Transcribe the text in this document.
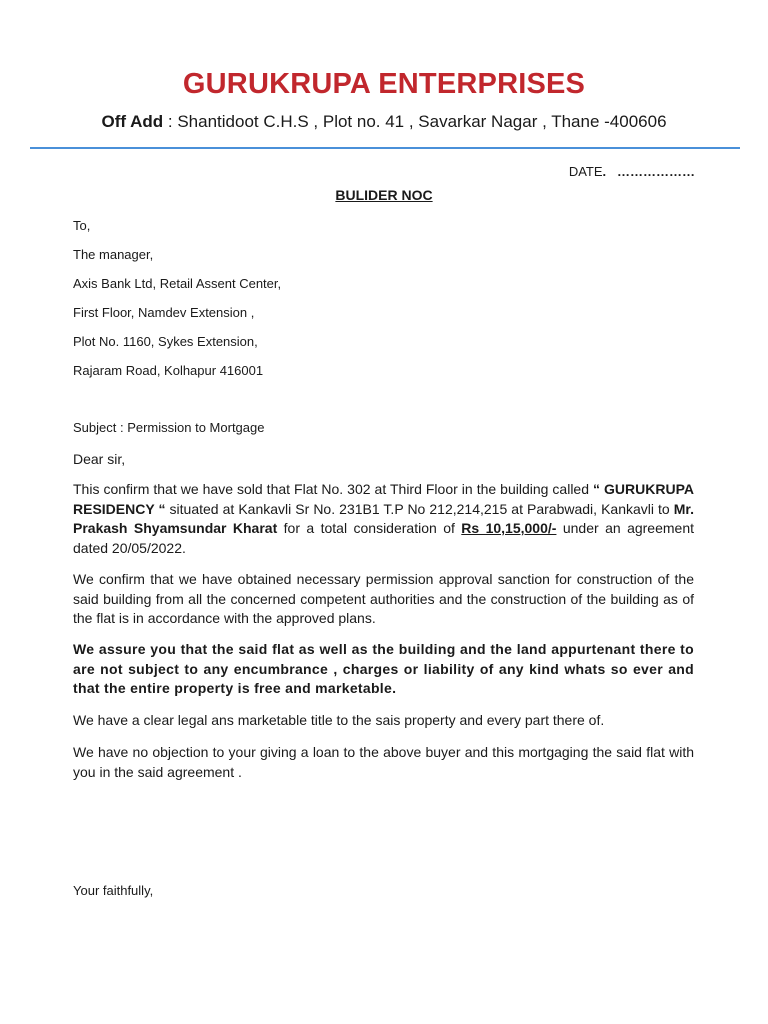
GURUKRUPA ENTERPRISES
Off Add : Shantidoot C.H.S , Plot no. 41 , Savarkar Nagar , Thane -400606
DATE. ………………
BULIDER NOC
To,
The manager,
Axis Bank Ltd, Retail Assent Center,
First Floor, Namdev Extension ,
Plot No. 1160, Sykes Extension,
Rajaram Road, Kolhapur 416001
Subject : Permission to Mortgage
Dear sir,
This confirm that we have sold that Flat No. 302 at Third Floor in the building called “ GURUKRUPA RESIDENCY “ situated at Kankavli Sr No. 231B1 T.P No 212,214,215 at Parabwadi, Kankavli to Mr. Prakash Shyamsundar Kharat for a total consideration of Rs 10,15,000/- under an agreement dated 20/05/2022.
We confirm that we have obtained necessary permission approval sanction for construction of the said building from all the concerned competent authorities and the construction of the building as of the flat is in accordance with the approved plans.
We assure you that the said flat as well as the building and the land appurtenant there to are not subject to any encumbrance , charges or liability of any kind whats so ever and that the entire property is free and marketable.
We have a clear legal ans marketable title to the sais property and every part there of.
We have no objection to your giving a loan to the above buyer and this mortgaging the said flat with you in the said agreement .
Your faithfully,
